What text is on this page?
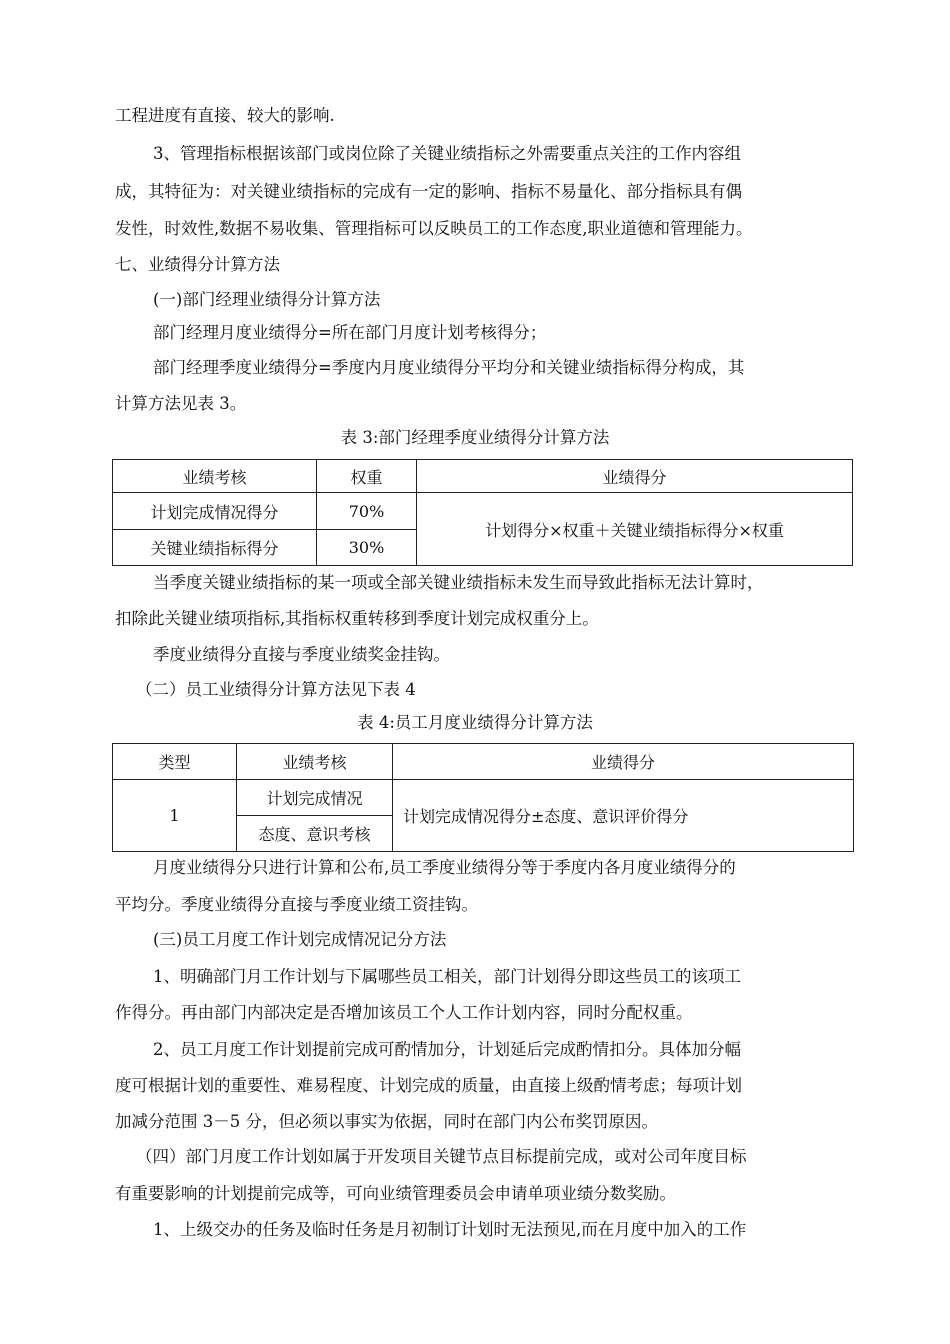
工程进度有直接、较大的影响.
3、管理指标根据该部门或岗位除了关键业绩指标之外需要重点关注的工作内容组
成，其特征为：对关键业绩指标的完成有一定的影响、指标不易量化、部分指标具有偶
发性，时效性,数据不易收集、管理指标可以反映员工的工作态度,职业道德和管理能力。
七、业绩得分计算方法
(一)部门经理业绩得分计算方法
部门经理月度业绩得分=所在部门月度计划考核得分；
部门经理季度业绩得分=季度内月度业绩得分平均分和关键业绩指标得分构成，其
计算方法见表 3。
表 3:部门经理季度业绩得分计算方法
业绩考核	权重	业绩得分
计划完成情况得分	70%	计划得分×权重＋关键业绩指标得分×权重
关键业绩指标得分	30%	
当季度关键业绩指标的某一项或全部关键业绩指标未发生而导致此指标无法计算时，
扣除此关键业绩项指标,其指标权重转移到季度计划完成权重分上。
季度业绩得分直接与季度业绩奖金挂钩。
（二）员工业绩得分计算方法见下表 4
表 4:员工月度业绩得分计算方法
类型	业绩考核	业绩得分
1	计划完成情况	计划完成情况得分±态度、意识评价得分
	态度、意识考核	
月度业绩得分只进行计算和公布,员工季度业绩得分等于季度内各月度业绩得分的
平均分。季度业绩得分直接与季度业绩工资挂钩。
(三)员工月度工作计划完成情况记分方法
1、明确部门月工作计划与下属哪些员工相关，部门计划得分即这些员工的该项工
作得分。再由部门内部决定是否增加该员工个人工作计划内容，同时分配权重。
2、员工月度工作计划提前完成可酌情加分，计划延后完成酌情扣分。具体加分幅
度可根据计划的重要性、难易程度、计划完成的质量，由直接上级酌情考虑；每项计划
加减分范围 3－5 分，但必须以事实为依据，同时在部门内公布奖罚原因。
（四）部门月度工作计划如属于开发项目关键节点目标提前完成，或对公司年度目标
有重要影响的计划提前完成等，可向业绩管理委员会申请单项业绩分数奖励。
1、上级交办的任务及临时任务是月初制订计划时无法预见,而在月度中加入的工作
